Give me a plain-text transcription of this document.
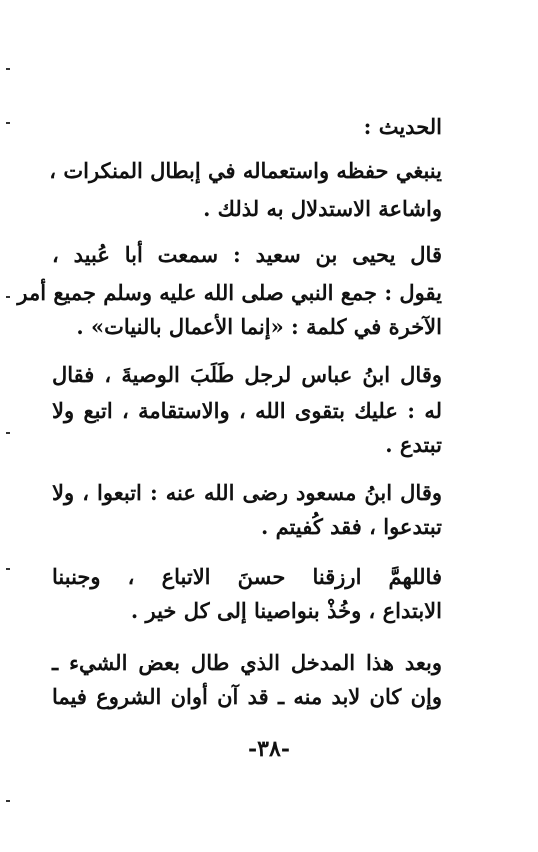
الحديث :
ينبغي حفظه واستعماله في إبطال المنكرات ،
واشاعة الاستدلال به لذلك .
قال يحيى بن سعيد : سمعت أبا عُبيد ،
يقول : جمع النبي صلى الله عليه وسلم جميع أمر
الآخرة في كلمة : «إنما الأعمال بالنيات» .
وقال ابنُ عباس لرجل طَلَبَ الوصيةَ ، فقال
له : عليك بتقوى الله ، والاستقامة ، اتبع ولا
تبتدع .
وقال ابنُ مسعود رضى الله عنه : اتبعوا ، ولا
تبتدعوا ، فقد كُفيتم .
فاللهمَّ ارزقنا حسنَ الاتباع ، وجنبنا
الابتداع ، وخُذْ بنواصينا إلى كل خير .
وبعد هذا المدخل الذي طال بعض الشيء ـ
وإن كان لابد منه ـ قد آن أوان الشروع فيما
-٣٨-
